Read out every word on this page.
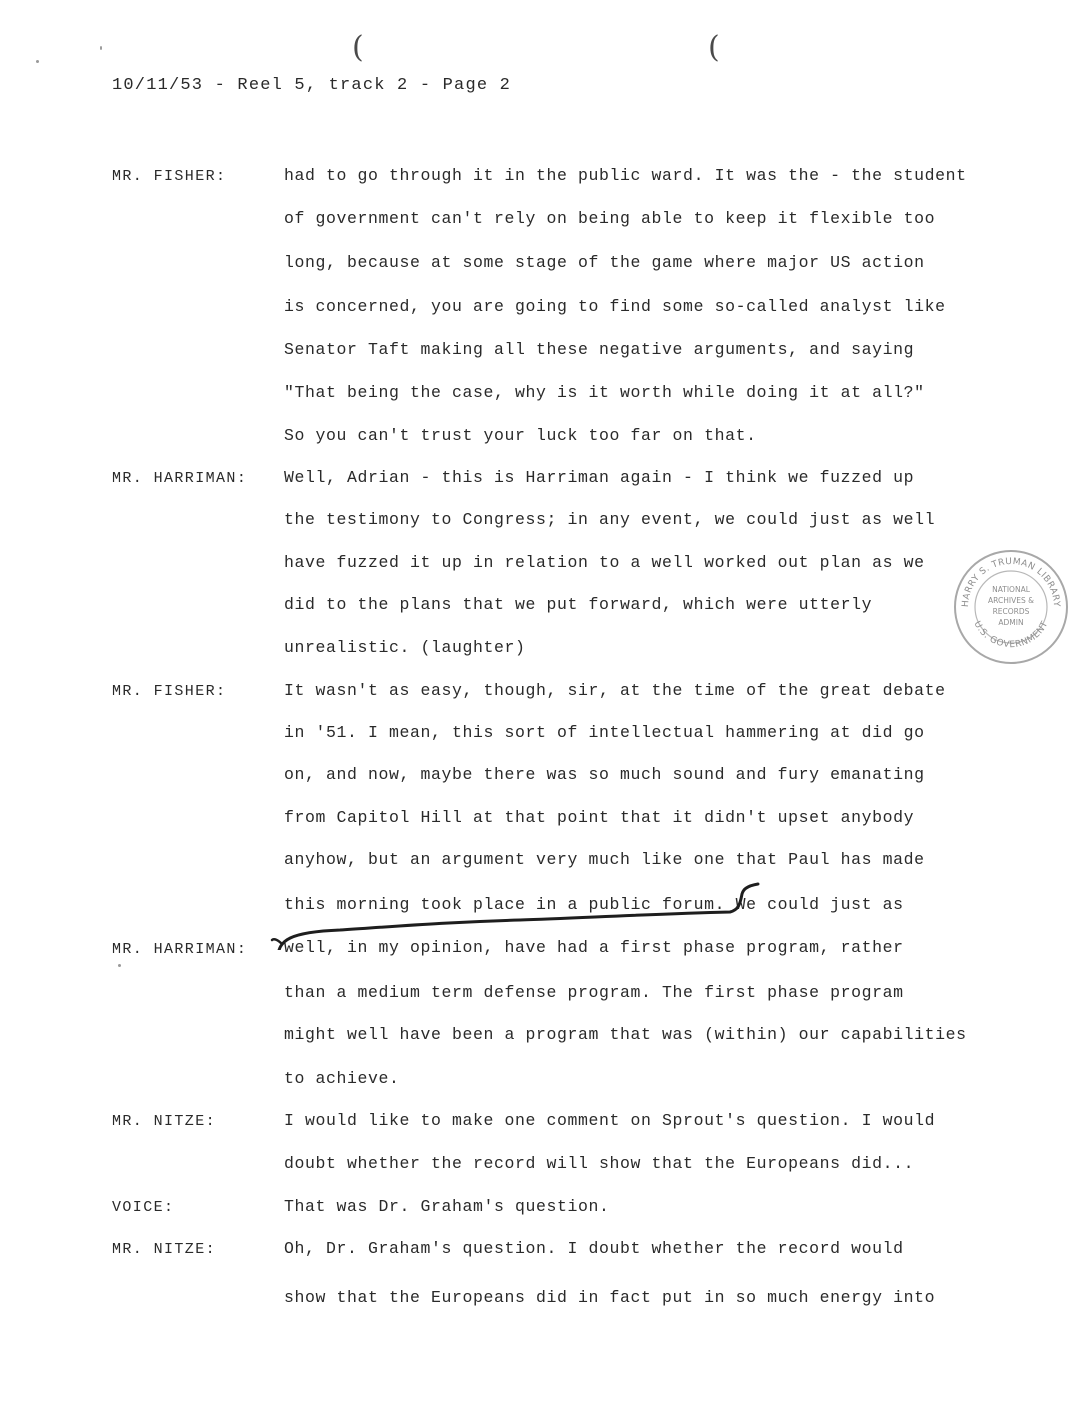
(	(
10/11/53 - Reel 5, track 2 - Page 2
MR. FISHER:
MR. HARRIMAN:
MR. FISHER:
MR. HARRIMAN:
MR. NITZE:
VOICE:
MR. NITZE:
had to go through it in the public ward. It was the - the student
of government can't rely on being able to keep it flexible too
long, because at some stage of the game where major US action
is concerned, you are going to find some so-called analyst like
Senator Taft making all these negative arguments, and saying
"That being the case, why is it worth while doing it at all?"
So you can't trust your luck too far on that.
Well, Adrian - this is Harriman again - I think we fuzzed up
the testimony to Congress; in any event, we could just as well
have fuzzed it up in relation to a well worked out plan as we
did to the plans that we put forward, which were utterly
unrealistic. (laughter)
It wasn't as easy, though, sir, at the time of the great debate
in '51. I mean, this sort of intellectual hammering at did go
on, and now, maybe there was so much sound and fury emanating
from Capitol Hill at that point that it didn't upset anybody
anyhow, but an argument very much like one that Paul has made
this morning took place in a public forum. We could just as
well, in my opinion, have had a first phase program, rather
than a medium term defense program. The first phase program
might well have been a program that was (within) our capabilities
to achieve.
I would like to make one comment on Sprout's question. I would
doubt whether the record will show that the Europeans did...
That was Dr. Graham's question.
Oh, Dr. Graham's question. I doubt whether the record would
show that the Europeans did in fact put in so much energy into
HARRY S. TRUMAN LIBRARY
U.S. GOVERNMENT
NATIONAL
ARCHIVES &
RECORDS
ADMIN
